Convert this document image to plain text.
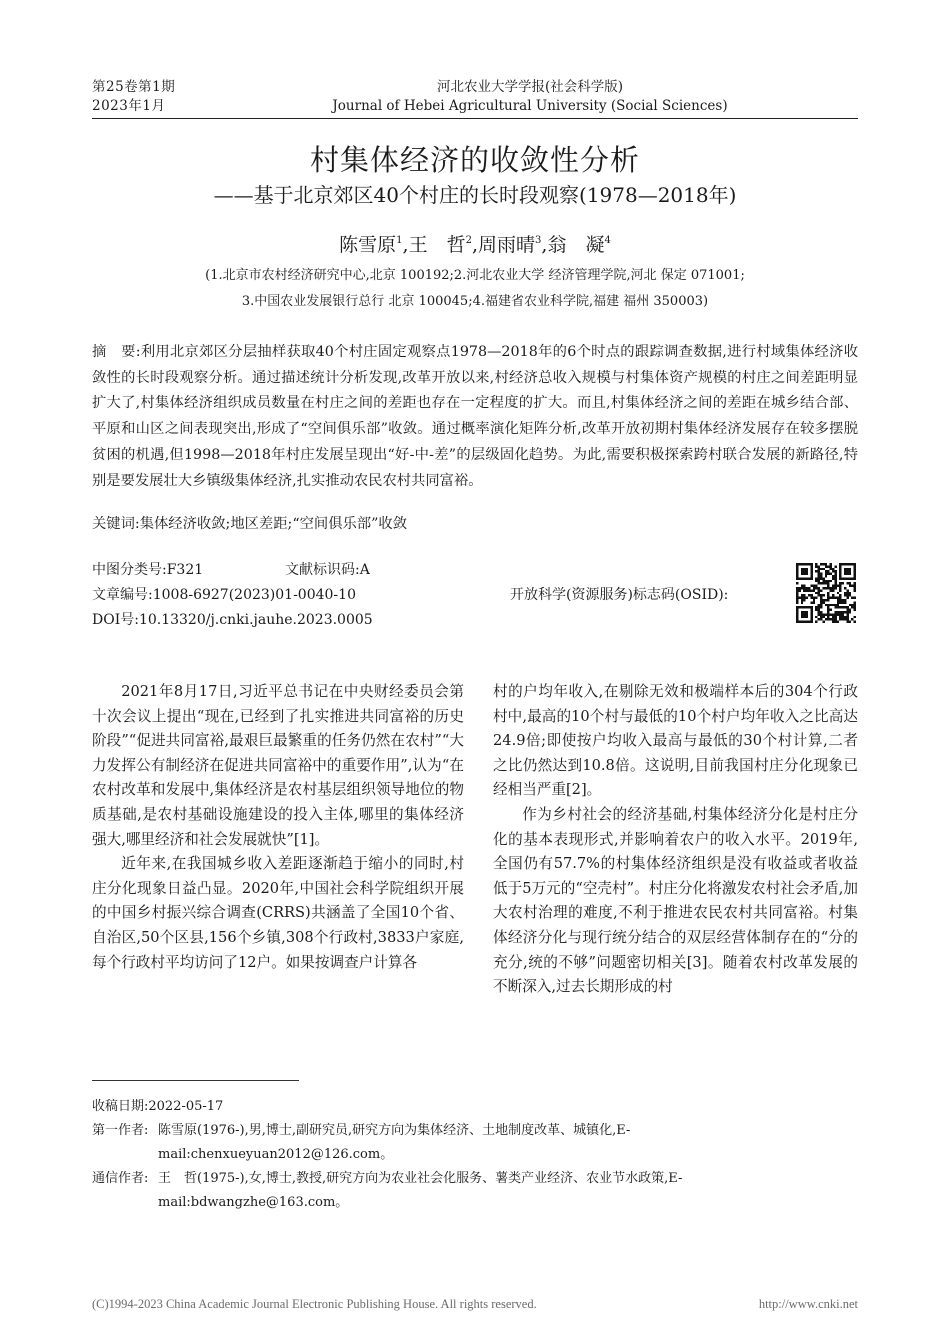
第25卷第1期
2023年1月
河北农业大学学报(社会科学版)
Journal of Hebei Agricultural University (Social Sciences)
村集体经济的收敛性分析
——基于北京郊区40个村庄的长时段观察(1978—2018年)
陈雪原$^1$,王　哲$^2$,周雨晴$^3$,翁　凝$^4$
(1.北京市农村经济研究中心,北京 100192;2.河北农业大学 经济管理学院,河北 保定 071001;
3.中国农业发展银行总行 北京 100045;4.福建省农业科学院,福建 福州 350003)
摘　要:利用北京郊区分层抽样获取40个村庄固定观察点1978—2018年的6个时点的跟踪调查数据,进行村域集体经济收敛性的长时段观察分析。通过描述统计分析发现,改革开放以来,村经济总收入规模与村集体资产规模的村庄之间差距明显扩大了,村集体经济组织成员数量在村庄之间的差距也存在一定程度的扩大。而且,村集体经济之间的差距在城乡结合部、平原和山区之间表现突出,形成了“空间俱乐部”收敛。通过概率演化矩阵分析,改革开放初期村集体经济发展存在较多摆脱贫困的机遇,但1998—2018年村庄发展呈现出“好-中-差”的层级固化趋势。为此,需要积极探索跨村联合发展的新路径,特别是要发展壮大乡镇级集体经济,扎实推动农民农村共同富裕。
关键词:集体经济收敛;地区差距;“空间俱乐部”收敛
中图分类号:F321	文献标识码:A
文章编号:1008-6927(2023)01-0040-10
DOI号:10.13320/j.cnki.jauhe.2023.0005
开放科学(资源服务)标志码(OSID):

2021年8月17日,习近平总书记在中央财经委员会第十次会议上提出“现在,已经到了扎实推进共同富裕的历史阶段”“促进共同富裕,最艰巨最繁重的任务仍然在农村”“大力发挥公有制经济在促进共同富裕中的重要作用”,认为“在农村改革和发展中,集体经济是农村基层组织领导地位的物质基础,是农村基础设施建设的投入主体,哪里的集体经济强大,哪里经济和社会发展就快”[1]。

近年来,在我国城乡收入差距逐渐趋于缩小的同时,村庄分化现象日益凸显。2020年,中国社会科学院组织开展的中国乡村振兴综合调查(CRRS)共涵盖了全国10个省、自治区,50个区县,156个乡镇,308个行政村,3833户家庭,每个行政村平均访问了12户。如果按调查户计算各

村的户均年收入,在剔除无效和极端样本后的304个行政村中,最高的10个村与最低的10个村户均年收入之比高达24.9倍;即使按户均收入最高与最低的30个村计算,二者之比仍然达到10.8倍。这说明,目前我国村庄分化现象已经相当严重[2]。

作为乡村社会的经济基础,村集体经济分化是村庄分化的基本表现形式,并影响着农户的收入水平。2019年,全国仍有57.7%的村集体经济组织是没有收益或者收益低于5万元的“空壳村”。村庄分化将激发农村社会矛盾,加大农村治理的难度,不利于推进农民农村共同富裕。村集体经济分化与现行统分结合的双层经营体制存在的“分的充分,统的不够”问题密切相关[3]。随着农村改革发展的不断深入,过去长期形成的村

收稿日期:2022-05-17
第一作者: 陈雪原(1976-),男,博士,副研究员,研究方向为集体经济、土地制度改革、城镇化,E-mail:chenxueyuan2012@126.com。
通信作者: 王　哲(1975-),女,博士,教授,研究方向为农业社会化服务、薯类产业经济、农业节水政策,E-mail:bdwangzhe@163.com。
(C)1994-2023 China Academic Journal Electronic Publishing House. All rights reserved.	http://www.cnki.net
